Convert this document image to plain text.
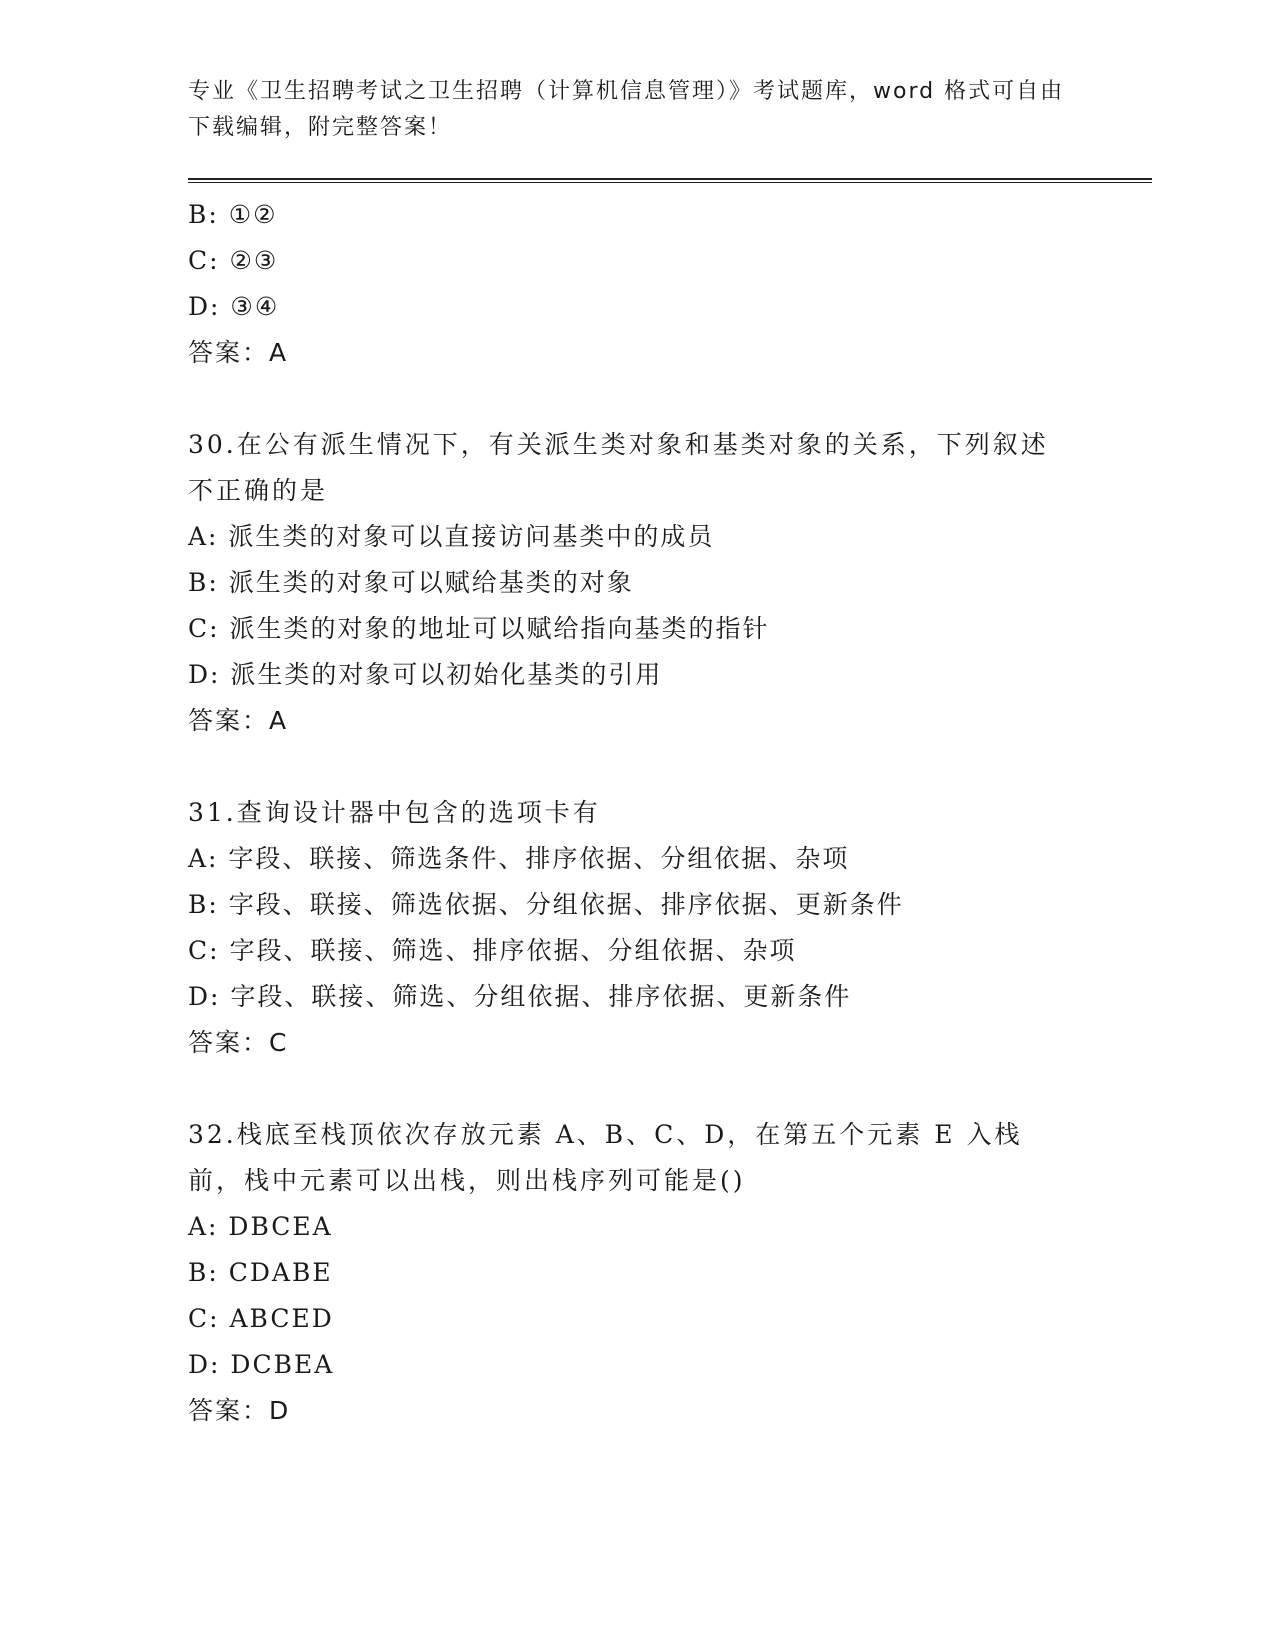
专业《卫生招聘考试之卫生招聘（计算机信息管理）》考试题库，word 格式可自由下载编辑，附完整答案！
B: ①②
C: ②③
D: ③④
答案：A
30.在公有派生情况下，有关派生类对象和基类对象的关系，下列叙述不正确的是
A: 派生类的对象可以直接访问基类中的成员
B: 派生类的对象可以赋给基类的对象
C: 派生类的对象的地址可以赋给指向基类的指针
D: 派生类的对象可以初始化基类的引用
答案：A
31.查询设计器中包含的选项卡有
A: 字段、联接、筛选条件、排序依据、分组依据、杂项
B: 字段、联接、筛选依据、分组依据、排序依据、更新条件
C: 字段、联接、筛选、排序依据、分组依据、杂项
D: 字段、联接、筛选、分组依据、排序依据、更新条件
答案：C
32.栈底至栈顶依次存放元素 A、B、C、D，在第五个元素 E 入栈前，栈中元素可以出栈，则出栈序列可能是()
A: DBCEA
B: CDABE
C: ABCED
D: DCBEA
答案：D
